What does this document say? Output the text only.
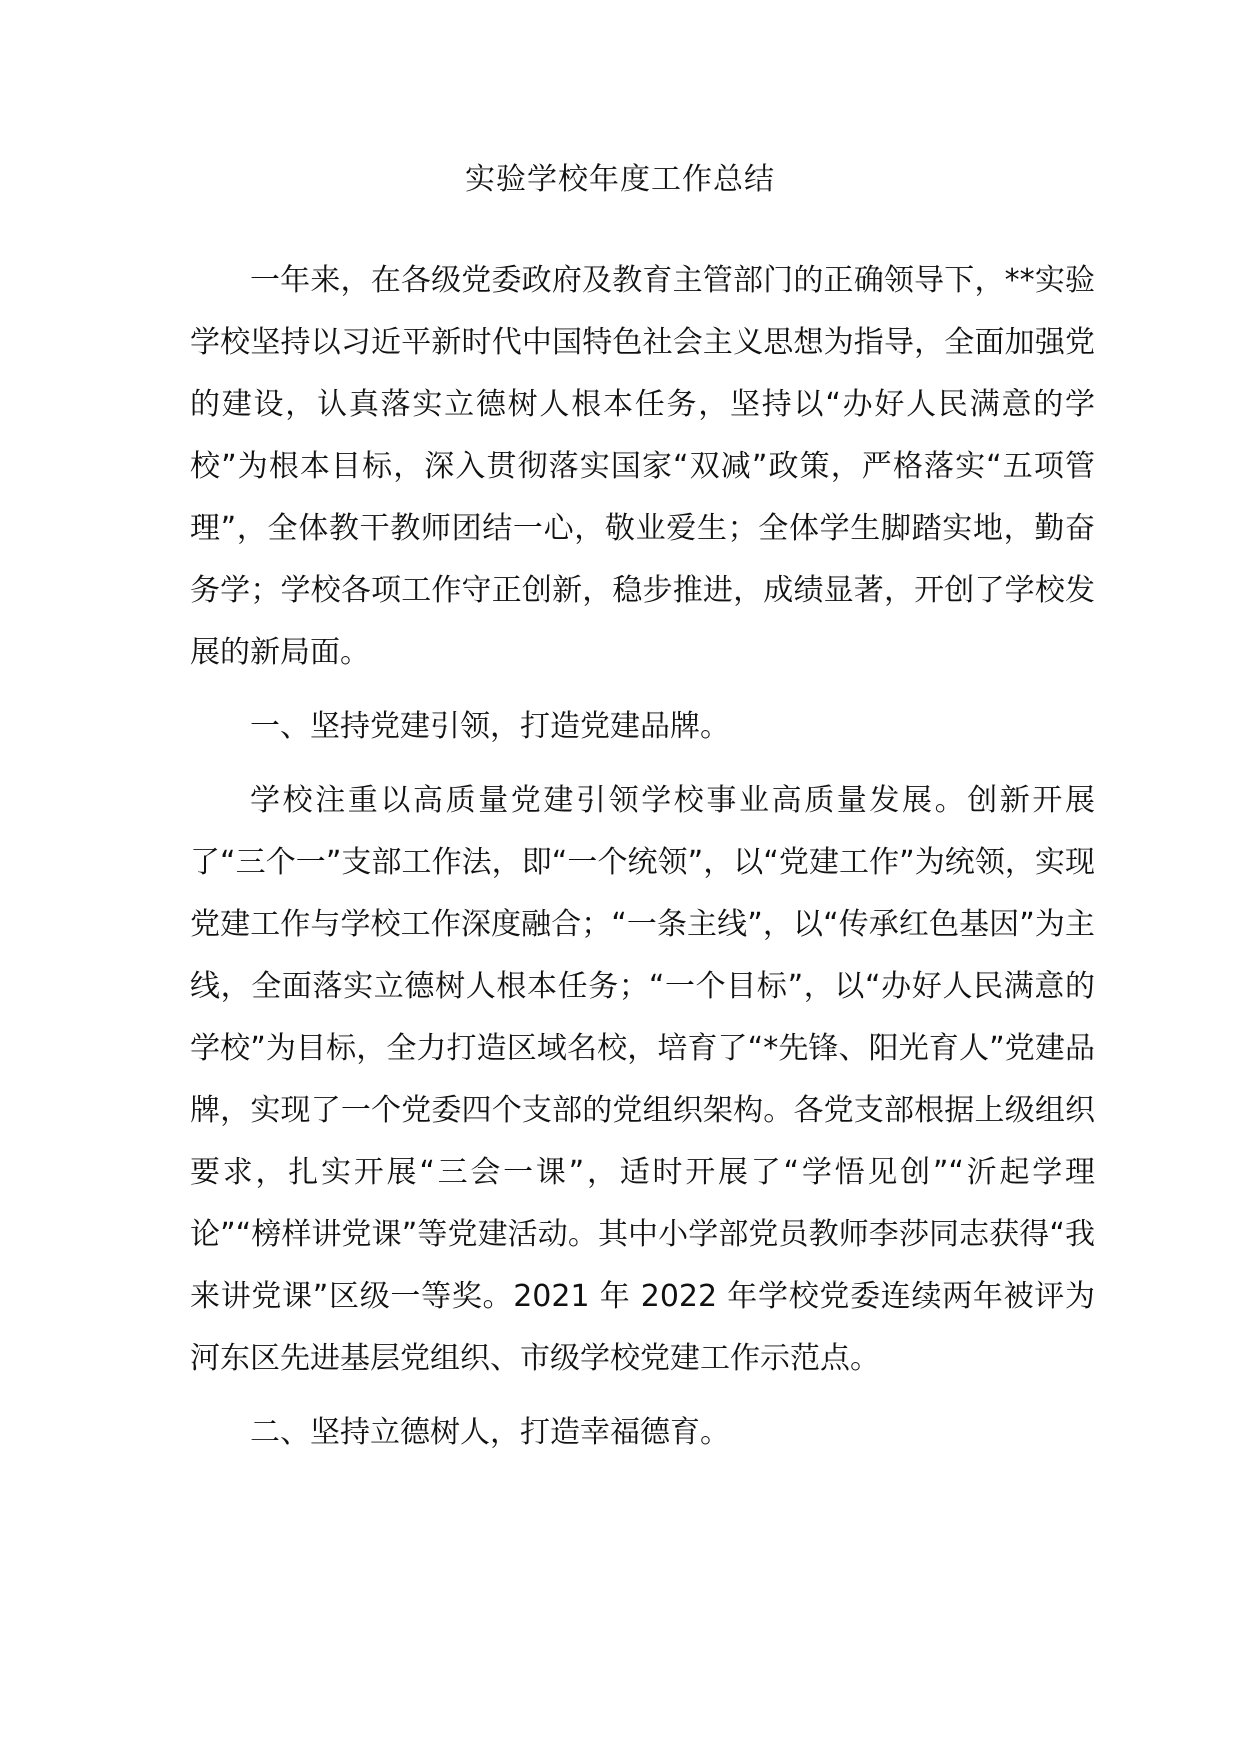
实验学校年度工作总结

一年来，在各级党委政府及教育主管部门的正确领导下，**实验学校坚持以习近平新时代中国特色社会主义思想为指导，全面加强党的建设，认真落实立德树人根本任务，坚持以“办好人民满意的学校”为根本目标，深入贯彻落实国家“双减”政策，严格落实“五项管理”，全体教干教师团结一心，敬业爱生；全体学生脚踏实地，勤奋务学；学校各项工作守正创新，稳步推进，成绩显著，开创了学校发展的新局面。

一、坚持党建引领，打造党建品牌。

学校注重以高质量党建引领学校事业高质量发展。创新开展了“三个一”支部工作法，即“一个统领”，以“党建工作”为统领，实现党建工作与学校工作深度融合；“一条主线”，以“传承红色基因”为主线，全面落实立德树人根本任务；“一个目标”，以“办好人民满意的学校”为目标，全力打造区域名校，培育了“*先锋、阳光育人”党建品牌，实现了一个党委四个支部的党组织架构。各党支部根据上级组织要求，扎实开展“三会一课”，适时开展了“学悟见创”“沂起学理论”“榜样讲党课”等党建活动。其中小学部党员教师李莎同志获得“我来讲党课”区级一等奖。2021 年 2022 年学校党委连续两年被评为河东区先进基层党组织、市级学校党建工作示范点。

二、坚持立德树人，打造幸福德育。
